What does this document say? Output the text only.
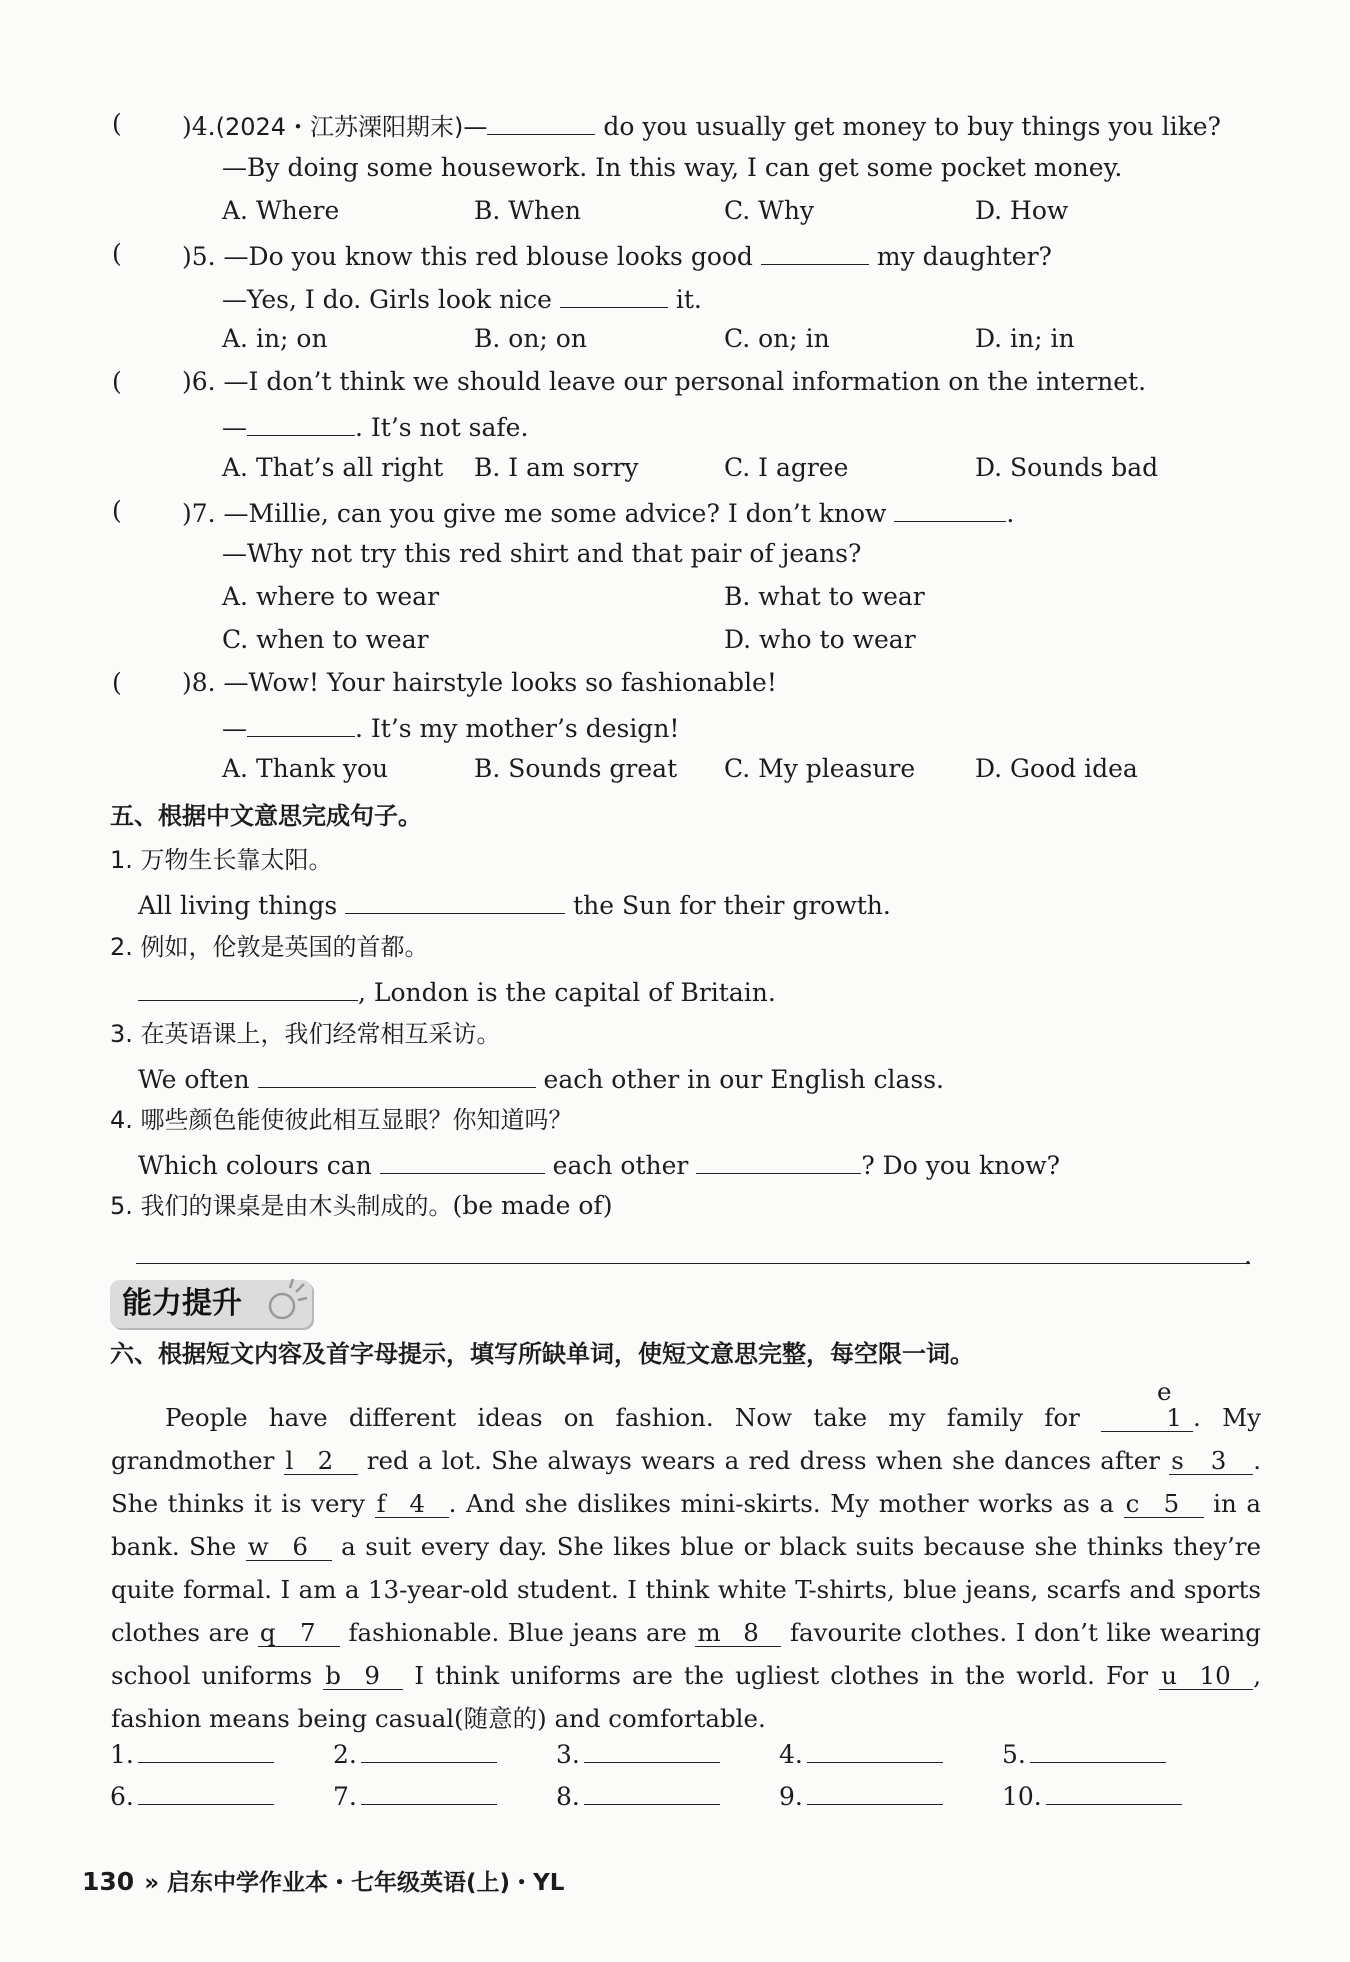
( )4.(2024・江苏溧阳期末)—	do you usually get money to buy things you like?
—By doing some housework. In this way, I can get some pocket money.
A. Where	B. When	C. Why	D. How
( )5. —Do you know this red blouse looks good	my daughter?
—Yes, I do. Girls look nice	it.
A. in; on	B. on; on	C. on; in	D. in; in
( )6. —I don’t think we should leave our personal information on the internet.
—	. It’s not safe.
A. That’s all right B. I am sorry	C. I agree	D. Sounds bad
( )7. —Millie, can you give me some advice? I don’t know	.
—Why not try this red shirt and that pair of jeans?
A. where to wear	B. what to wear
C. when to wear	D. who to wear
( )8. —Wow! Your hairstyle looks so fashionable!
—	. It’s my mother’s design!
A. Thank you	B. Sounds great C. My pleasure D. Good idea
五、根据中文意思完成句子。
1. 万物生长靠太阳。
All living things	the Sun for their growth.
2. 例如，伦敦是英国的首都。
, London is the capital of Britain.
3. 在英语课上，我们经常相互采访。
We often	each other in our English class.
4. 哪些颜色能使彼此相互显眼？你知道吗？
Which colours can	each other	? Do you know?
5. 我们的课桌是由木头制成的。(be made of)
.
能力提升
六、根据短文内容及首字母提示，填写所缺单词，使短文意思完整，每空限一词。
People have different ideas on fashion. Now take my family for
e
1 . My grandmother l 2 red a lot. She always wears a red dress when she dances after s 3 . She thinks it is very f 4 . And she dislikes mini-skirts. My mother works as a c 5 in a bank. She w 6 a suit every day. She likes blue or black suits because she thinks they’re quite formal. I am a 13-year-old student. I think white T-shirts, blue jeans, scarfs and sports clothes are q 7 fashionable. Blue jeans are m 8 favourite clothes. I don’t like wearing school uniforms b 9 I think uniforms are the ugliest clothes in the world. For u 10 , fashion means being casual(随意的) and comfortable.
1.	2.	3.	4.	5.
6.	7.	8.	9.	10.
130 » 启东中学作业本・七年级英语(上)・YL
